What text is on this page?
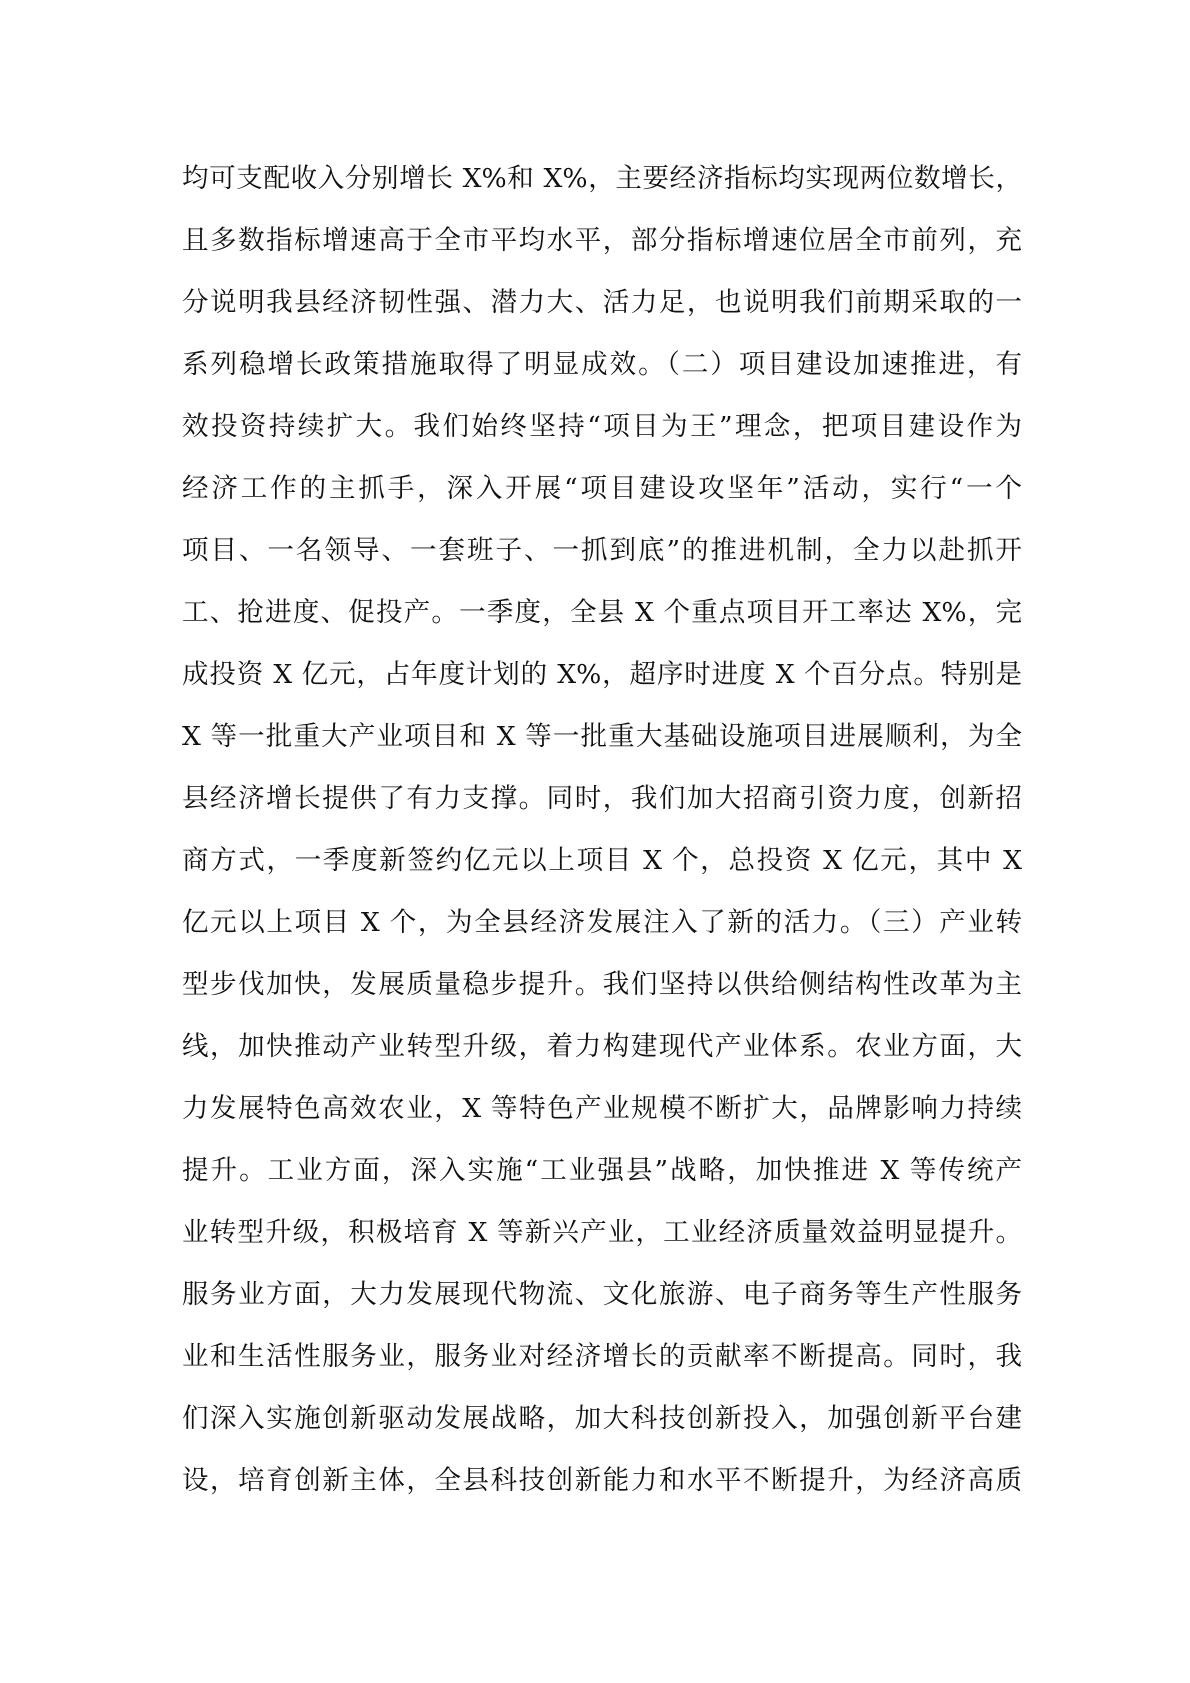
均可支配收入分别增长 X%和 X%，主要经济指标均实现两位数增长，
且多数指标增速高于全市平均水平，部分指标增速位居全市前列，充
分说明我县经济韧性强、潜力大、活力足，也说明我们前期采取的一
系列稳增长政策措施取得了明显成效。（二）项目建设加速推进，有
效投资持续扩大。我们始终坚持“项目为王”理念，把项目建设作为
经济工作的主抓手，深入开展“项目建设攻坚年”活动，实行“一个
项目、一名领导、一套班子、一抓到底”的推进机制，全力以赴抓开
工、抢进度、促投产。一季度，全县 X 个重点项目开工率达 X%，完
成投资 X 亿元，占年度计划的 X%，超序时进度 X 个百分点。特别是
X 等一批重大产业项目和 X 等一批重大基础设施项目进展顺利，为全
县经济增长提供了有力支撑。同时，我们加大招商引资力度，创新招
商方式，一季度新签约亿元以上项目 X 个，总投资 X 亿元，其中 X
亿元以上项目 X 个，为全县经济发展注入了新的活力。（三）产业转
型步伐加快，发展质量稳步提升。我们坚持以供给侧结构性改革为主
线，加快推动产业转型升级，着力构建现代产业体系。农业方面，大
力发展特色高效农业，X 等特色产业规模不断扩大，品牌影响力持续
提升。工业方面，深入实施“工业强县”战略，加快推进 X 等传统产
业转型升级，积极培育 X 等新兴产业，工业经济质量效益明显提升。
服务业方面，大力发展现代物流、文化旅游、电子商务等生产性服务
业和生活性服务业，服务业对经济增长的贡献率不断提高。同时，我
们深入实施创新驱动发展战略，加大科技创新投入，加强创新平台建
设，培育创新主体，全县科技创新能力和水平不断提升，为经济高质
